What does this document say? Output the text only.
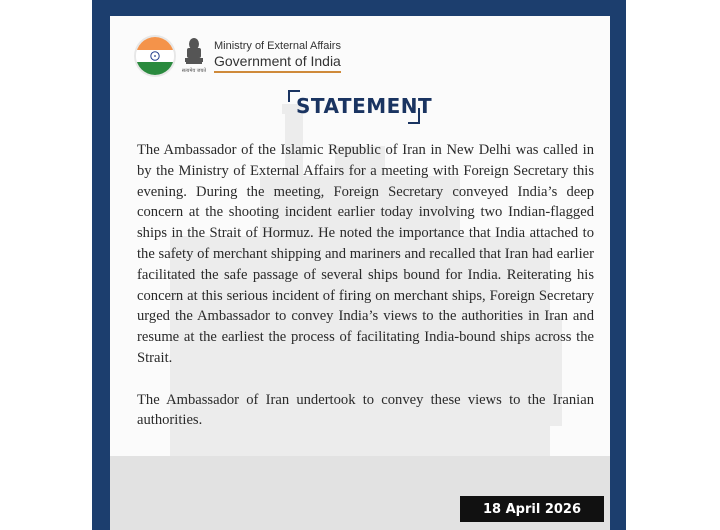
सत्यमेव जयते
Ministry of External Affairs
Government of India
STATEMENT

The Ambassador of the Islamic Republic of Iran in New Delhi was called in by the Ministry of External Affairs for a meeting with Foreign Secretary this evening. During the meeting, Foreign Secretary conveyed India’s deep concern at the shooting incident earlier today involving two Indian-flagged ships in the Strait of Hormuz. He noted the importance that India attached to the safety of merchant shipping and mariners and recalled that Iran had earlier facilitated the safe passage of several ships bound for India. Reiterating his concern at this serious incident of firing on merchant ships, Foreign Secretary urged the Ambassador to convey India’s views to the authorities in Iran and resume at the earliest the process of facilitating India-bound ships across the Strait.

The Ambassador of Iran undertook to convey these views to the Iranian authorities.

18 April 2026
